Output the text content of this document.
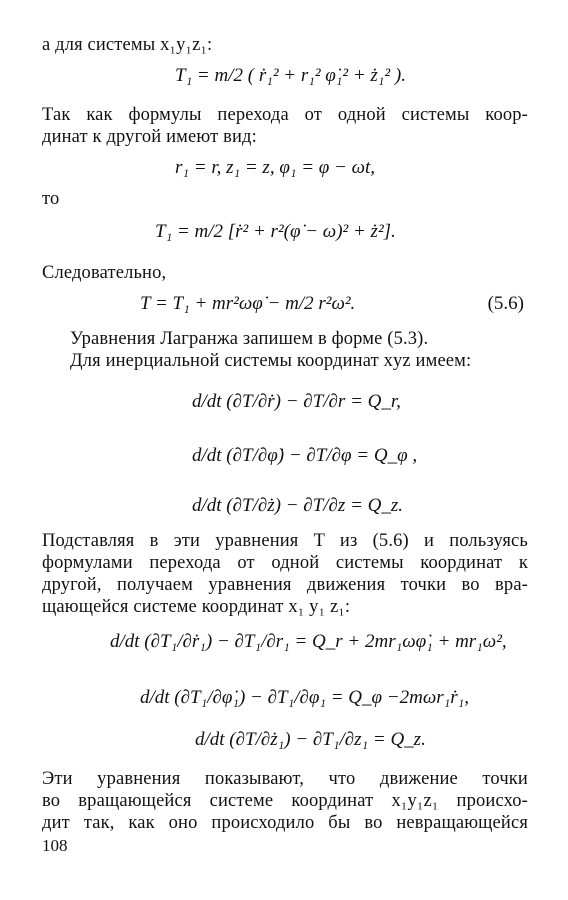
а для системы x₁y₁z₁:
T₁ = m/2 ( ṙ₁² + r₁² φ̇₁² + ż₁² ).
Так как формулы перехода от одной системы коор-
динат к другой имеют вид:
r₁ = r, z₁ = z, φ₁ = φ − ωt,
то
T₁ = m/2 [ṙ² + r²(φ̇ − ω)² + ż²].
Следовательно,
T = T₁ + mr²ωφ̇ − m/2 r²ω².	(5.6)
Уравнения Лагранжа запишем в форме (5.3).
Для инерциальной системы координат xyz имеем:
d/dt (∂T/∂ṙ) − ∂T/∂r = Q_r,
d/dt (∂T/∂φ̇) − ∂T/∂φ = Q_φ ,
d/dt (∂T/∂ż) − ∂T/∂z = Q_z.
Подставляя в эти уравнения T из (5.6) и пользуясь
формулами перехода от одной системы координат к
другой, получаем уравнения движения точки во вра-
щающейся системе координат x₁ y₁ z₁:
d/dt (∂T₁/∂ṙ₁) − ∂T₁/∂r₁ = Q_r + 2mr₁ωφ̇₁ + mr₁ω²,
d/dt (∂T₁/∂φ̇₁) − ∂T₁/∂φ₁ = Q_φ −2mωr₁ṙ₁,
d/dt (∂T/∂ż₁) − ∂T₁/∂z₁ = Q_z.
Эти уравнения показывают, что движение точки
во вращающейся системе координат x₁y₁z₁ происхо-
дит так, как оно происходило бы во невращающейся
108
